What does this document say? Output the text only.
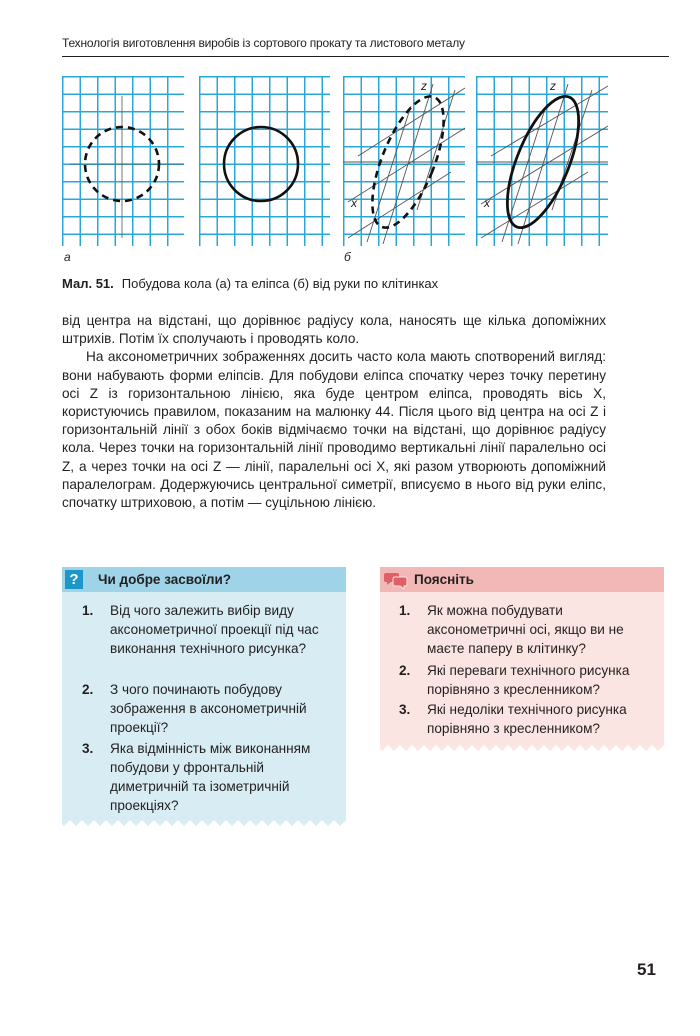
Технологія виготовлення виробів із сортового прокату та листового металу
z
x
z
x
а	б
Мал. 51. Побудова кола (а) та еліпса (б) від руки по клітинках

від центра на відстані, що дорівнює радіусу кола, наносять ще кілька допоміжних штрихів. Потім їх сполучають і проводять коло.

На аксонометричних зображеннях досить часто кола мають спотворений вигляд: вони набувають форми еліпсів. Для побудови еліпса спочатку через точку перетину осі Z із горизонтальною лінією, яка буде центром еліпса, проводять вісь X, користуючись правилом, показаним на малюнку 44. Після цього від центра на осі Z і горизонтальній лінії з обох боків відмічаємо точки на відстані, що дорівнює радіусу кола. Через точки на горизонтальній лінії проводимо вертикальні лінії паралельно осі Z, а через точки на осі Z — лінії, паралельні осі X, які разом утворюють допоміжний паралелограм. Додержуючись центральної симетрії, вписуємо в нього від руки еліпс, спочатку штриховою, а потім — суцільною лінією.

?	Чи добре засвоїли?
1. Від чого залежить вибір виду аксонометричної проекції під час виконання технічного рисунка?
2. З чого починають побудову зображення в аксонометричній проекції?
3. Яка відмінність між виконанням побудови у фронтальній диметричній та ізометричній проекціях?
Поясніть
1. Як можна побудувати аксонометричні осі, якщо ви не маєте паперу в клітинку?
2. Які переваги технічного рисунка порівняно з кресленником?
3. Які недоліки технічного рисунка порівняно з кресленником?
51
